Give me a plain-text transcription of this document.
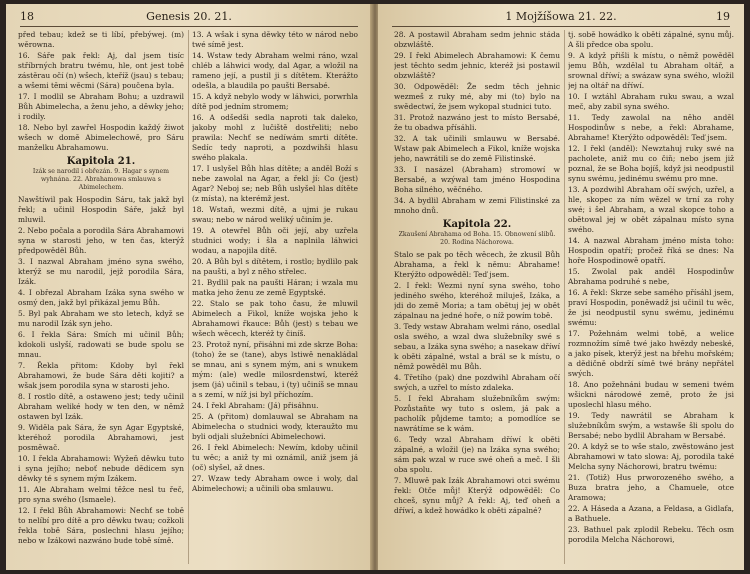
18	Genesis 20. 21.

před tebau; kdež se ti líbí, přebýwej. (m) wěrowna.

16. Sáře pak řekl: Aj, dal jsem tisíc stříbrných bratru twému, hle, ont jest tobě zástěrau očí (n) wšech, kteříž (jsau) s tebau; a wšemi těmi wěcmi (Sára) poučena byla.

17. I modlil se Abraham Bohu; a uzdrawil Bůh Abimelecha, a ženu jeho, a děwky jeho; i rodily.

18. Nebo byl zawřel Hospodin každý žiwot wšech w domě Abimelechowě, pro Sáru manželku Abrahamowu.

Kapitola 21.
Izák se narodil i obřezán. 9. Hagar s synem wyhnána. 22. Abrahamowa smlauwa s Abimelechem.

Nawštíwil pak Hospodin Sáru, tak jakž byl řekl; a učinil Hospodin Sáře, jakž byl mluwil.

2. Nebo počala a porodila Sára Abrahamowi syna w starosti jeho, w ten čas, kterýž předpowěděl Bůh.

3. I nazwal Abraham jméno syna swého, kterýž se mu narodil, jejž porodila Sára, Izák.

4. I obřezal Abraham Izáka syna swého w osmý den, jakž byl přikázal jemu Bůh.

5. Byl pak Abraham we sto letech, když se mu narodil Izák syn jeho.

6. I řekla Sára: Smích mi učinil Bůh; kdokoli uslyší, radowati se bude spolu se mnau.

7. Řekla přitom: Kdoby byl řekl Abrahamowi, že bude Sára děti kojiti? a wšak jsem porodila syna w starosti jeho.

8. I rostlo dítě, a ostaweno jest; tedy učinil Abraham weliké hody w ten den, w němž ostawen byl Izák.

9. Widěla pak Sára, že syn Agar Egyptské, kteréhož porodila Abrahamowi, jest posměwač.

10. I řekla Abrahamowi: Wyžeň děwku tuto i syna jejího; neboť nebude dědicem syn děwky té s synem mým Izákem.

11. Ale Abraham welmi těžce nesl tu řeč, pro syna swého (Ismaele).

12. I řekl Bůh Abrahamowi: Nechť se tobě to nelíbí pro dítě a pro děwku twau; cožkoli řekla tobě Sára, poslechni hlasu jejího; nebo w Izákowi nazwáno bude tobě símě.

13. A wšak i syna děwky této w národ nebo twé símě jest.

14. Wstaw tedy Abraham welmi ráno, wzal chléb a láhwici wody, dal Agar, a wložil na rameno její, a pustil ji s dítětem. Kterážto odešla, a blaudila po paušti Bersabé.

15. A když nebylo wody w láhwici, porwrhla dítě pod jedním stromem;

16. A odšedši sedla naproti tak daleko, jakoby mohl z lučiště dostřeliti; nebo prawila: Nechť se nedíwám smrti dítěte. Sedíc tedy naproti, a pozdwihši hlasu swého plakala.

17. I uslyšel Bůh hlas dítěte; a anděl Boží s nebe zawolal na Agar, a řekl jí: Co (jest) Agar? Neboj se; neb Bůh uslyšel hlas dítěte (z místa), na kterémž jest.

18. Wstaň, wezmi dítě, a ujmi je rukau swau; nebo w národ weliký učiním je.

19. A otewřel Bůh oči její, aby uzřela studnici wody; i šla a naplnila láhwici wodau, a napojila dítě.

20. A Bůh byl s dítětem, i rostlo; bydlilo pak na paušti, a byl z něho střelec.

21. Bydlil pak na paušti Háran; i wzala mu matka jeho ženu ze země Egyptské.

22. Stalo se pak toho času, že mluwil Abimelech a Fikol, kníže wojska jeho k Abrahamowi řkauce: Bůh (jest) s tebau we wšech wěcech, kteréž ty činíš.

23. Protož nyní, přisáhni mi zde skrze Boha: (toho) že se (tane), abys lstiwě nenakládal se mnau, ani s synem mým, ani s wnukem mým: (ale) wedle milosrdenstwí, kteréž jsem (já) učinil s tebau, i (ty) učiníš se mnau a s zemí, w níž jsi byl příchozím.

24. I řekl Abraham: (Já) přisáhnu.

25. A (přitom) domlauwal se Abraham na Abimelecha o studnici wody, kteraužto mu byli odjali služebníci Abimelechowi.

26. I řekl Abimelech: Newím, kdoby učinil tu wěc; a aniž ty mi oznámil, aniž jsem já (oč) slyšel, až dnes.

27. Wzaw tedy Abraham owce i woly, dal Abimelechowi; a učinili oba smlauwu.

1 Mojžíšowa 21. 22.	19

28. A postawil Abraham sedm jehnic stáda obzwláště.

29. I řekl Abimelech Abrahamowi: K čemu jest těchto sedm jehnic, kteréž jsi postawil obzwláště?

30. Odpowěděl: Že sedm těch jehnic wezmeš z ruky mé, aby mi (to) bylo na swědectwí, že jsem wykopal studnici tuto.

31. Protož nazwáno jest to místo Bersabé, že tu obadwa přísáhli.

32. A tak učinili smlauwu w Bersabé. Wstaw pak Abimelech a Fikol, kníže wojska jeho, nawrátili se do země Filistinské.

33. I nasázel (Abraham) stromowí w Bersabé, a wzýwal tam jméno Hospodina Boha silného, wěčného.

34. A bydlil Abraham w zemi Filistinské za mnoho dnů.

Kapitola 22.
Zkaušení Abrahama od Boha. 15. Obnowení slibů. 20. Rodina Náchorowa.

Stalo se pak po těch wěcech, že zkusil Bůh Abrahama, a řekl k němu: Abrahame! Kterýžto odpowěděl: Teď jsem.

2. I řekl: Wezmi nyní syna swého, toho jediného swého, kteréhož miluješ, Izáka, a jdi do země Moria; a tam obětuj jej w obět zápalnau na jedné hoře, o níž powím tobě.

3. Tedy wstaw Abraham welmi ráno, osedlal osla swého, a wzal dwa služebníky swé s sebau, a Izáka syna swého; a nasekaw dříwí k oběti zápalné, wstal a brál se k místu, o němž powěděl mu Bůh.

4. Třetího (pak) dne pozdwihl Abraham očí swých, a uzřel to místo zdaleka.

5. I řekl Abraham služebníkům swým: Pozůstaňte wy tuto s oslem, já pak a pacholík půjdeme tamto; a pomodlíce se nawrátíme se k wám.

6. Tedy wzal Abraham dříwí k oběti zápalné, a wložil (je) na Izáka syna swého; sám pak wzal w ruce swé oheň a meč. I šli oba spolu.

7. Mluwě pak Izák Abrahamowi otci swému řekl: Otče můj! Kterýž odpowěděl: Co chceš, synu můj? A řekl: Aj, teď oheň a dříwí, a kdež howádko k oběti zápalné?

tj. sobě howádko k oběti zápalné, synu můj. A šli předce oba spolu.

9. A když přišli k místu, o němž powěděl jemu Bůh, wzdělal tu Abraham oltář, a srownal dříwí; a swázaw syna swého, wložil jej na oltář na dříwí.

10. I wztáhl Abraham ruku swau, a wzal meč, aby zabil syna swého.

11. Tedy zawolal na něho anděl Hospodinůw s nebe, a řekl: Abrahame, Abrahame! Kterýžto odpowěděl: Teď jsem.

12. I řekl (anděl): Newztahuj ruky swé na pacholete, aniž mu co čiň; nebo jsem již poznal, že se Boha bojíš, když jsi neodpustil synu swému, jedinému swému pro mne.

13. A pozdwihl Abraham očí swých, uzřel, a hle, skopec za ním wězel w trní za rohy swé; i šel Abraham, a wzal skopce toho a obětowal jej w obět zápalnau místo syna swého.

14. A nazwal Abraham jméno místa toho: Hospodin opatří; pročež říká se dnes: Na hoře Hospodinowě opatří.

15. Zwolal pak anděl Hospodinůw Abrahama podruhé s nebe,

16. A řekl: Skrze sebe samého přísáhl jsem, praví Hospodin, poněwadž jsi učinil tu wěc, že jsi neodpustil synu swému, jedinému swému:

17. Požehnám welmi tobě, a welice rozmnožím símě twé jako hwězdy nebeské, a jako písek, kterýž jest na břehu mořském; a dědičně obdrží símě twé brány nepřátel swých.

18. Ano požehnáni budau w semeni twém wšickni národowé země, proto že jsi uposlechl hlasu mého.

19. Tedy nawrátil se Abraham k služebníkům swým, a wstawše šli spolu do Bersabé; nebo bydlil Abraham w Bersabé.

20. A když se to wše stalo, zwěstowáno jest Abrahamowi w tato slowa: Aj, porodila také Melcha syny Náchorowi, bratru twému:

21. (Totiž) Hus prworozeného swého, a Buza bratra jeho, a Chamuele, otce Aramowa;

22. A Háseda a Azana, a Feldasa, a Gidlafa, a Bathuele.

23. Bathuel pak zplodil Rebeku. Těch osm porodila Melcha Náchorowi,
